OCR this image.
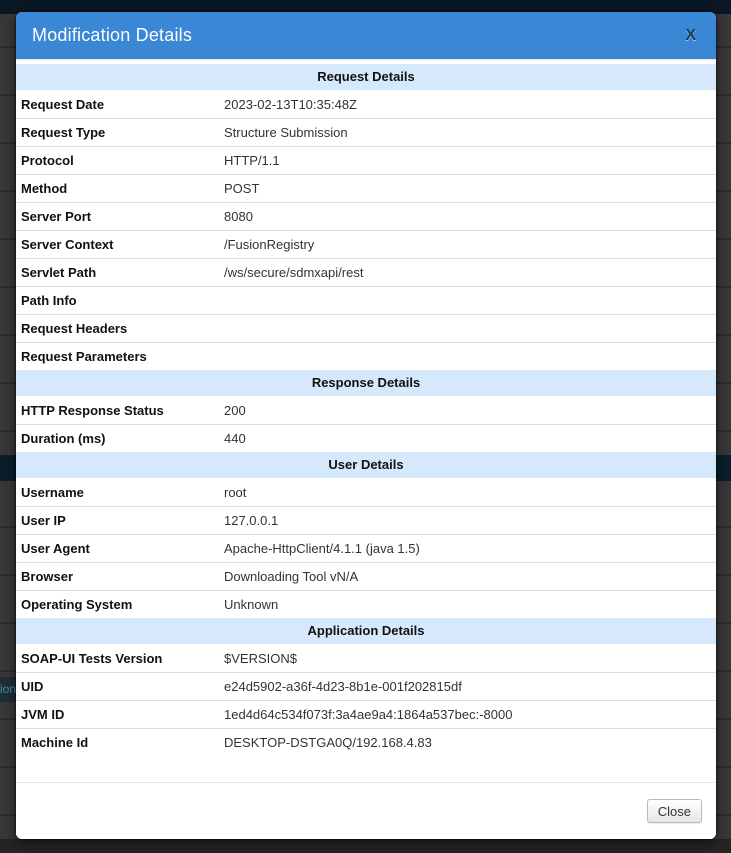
ion
Modification Details	X
Request Details
Request Date	2023-02-13T10:35:48Z
Request Type	Structure Submission
Protocol	HTTP/1.1
Method	POST
Server Port	8080
Server Context	/FusionRegistry
Servlet Path	/ws/secure/sdmxapi/rest
Path Info
Request Headers
Request Parameters
Response Details
HTTP Response Status	200
Duration (ms)	440
User Details
Username	root
User IP	127.0.0.1
User Agent	Apache-HttpClient/4.1.1 (java 1.5)
Browser	Downloading Tool vN/A
Operating System	Unknown
Application Details
SOAP-UI Tests Version	$VERSION$
UID	e24d5902-a36f-4d23-8b1e-001f202815df
JVM ID	1ed4d64c534f073f:3a4ae9a4:1864a537bec:-8000
Machine Id	DESKTOP-DSTGA0Q/192.168.4.83
Close
